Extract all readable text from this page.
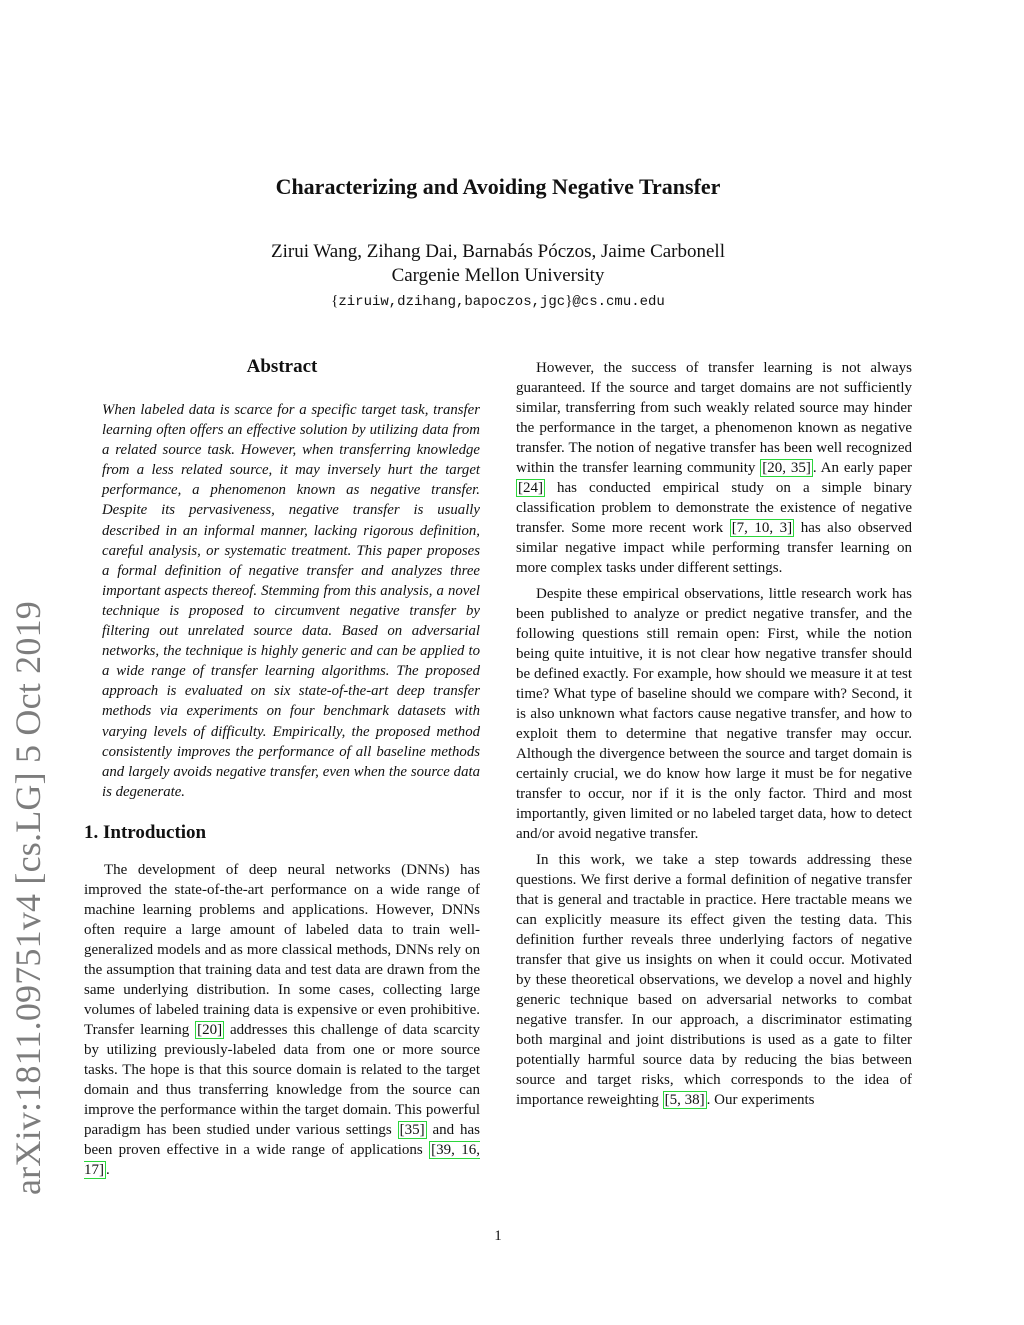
arXiv:1811.09751v4 [cs.LG] 5 Oct 2019
Characterizing and Avoiding Negative Transfer
Zirui Wang, Zihang Dai, Barnabás Póczos, Jaime Carbonell
Cargenie Mellon University
{ziruiw,dzihang,bapoczos,jgc}@cs.cmu.edu
Abstract

When labeled data is scarce for a specific target task, transfer learning often offers an effective solution by utilizing data from a related source task. However, when transferring knowledge from a less related source, it may inversely hurt the target performance, a phenomenon known as negative transfer. Despite its pervasiveness, negative transfer is usually described in an informal manner, lacking rigorous definition, careful analysis, or systematic treatment. This paper proposes a formal definition of negative transfer and analyzes three important aspects thereof. Stemming from this analysis, a novel technique is proposed to circumvent negative transfer by filtering out unrelated source data. Based on adversarial networks, the technique is highly generic and can be applied to a wide range of transfer learning algorithms. The proposed approach is evaluated on six state-of-the-art deep transfer methods via experiments on four benchmark datasets with varying levels of difficulty. Empirically, the proposed method consistently improves the performance of all baseline methods and largely avoids negative transfer, even when the source data is degenerate.

1. Introduction

The development of deep neural networks (DNNs) has improved the state-of-the-art performance on a wide range of machine learning problems and applications. However, DNNs often require a large amount of labeled data to train well-generalized models and as more classical methods, DNNs rely on the assumption that training data and test data are drawn from the same underlying distribution. In some cases, collecting large volumes of labeled training data is expensive or even prohibitive. Transfer learning [20] addresses this challenge of data scarcity by utilizing previously-labeled data from one or more source tasks. The hope is that this source domain is related to the target domain and thus transferring knowledge from the source can improve the performance within the target domain. This powerful paradigm has been studied under various settings [35] and has been proven effective in a wide range of applications [39, 16, 17] .

However, the success of transfer learning is not always guaranteed. If the source and target domains are not sufficiently similar, transferring from such weakly related source may hinder the performance in the target, a phenomenon known as negative transfer. The notion of negative transfer has been well recognized within the transfer learning community [20, 35] . An early paper [24] has conducted empirical study on a simple binary classification problem to demonstrate the existence of negative transfer. Some more recent work [7, 10, 3] has also observed similar negative impact while performing transfer learning on more complex tasks under different settings.

Despite these empirical observations, little research work has been published to analyze or predict negative transfer, and the following questions still remain open: First, while the notion being quite intuitive, it is not clear how negative transfer should be defined exactly. For example, how should we measure it at test time? What type of baseline should we compare with? Second, it is also unknown what factors cause negative transfer, and how to exploit them to determine that negative transfer may occur. Although the divergence between the source and target domain is certainly crucial, we do know how large it must be for negative transfer to occur, nor if it is the only factor. Third and most importantly, given limited or no labeled target data, how to detect and/or avoid negative transfer.

In this work, we take a step towards addressing these questions. We first derive a formal definition of negative transfer that is general and tractable in practice. Here tractable means we can explicitly measure its effect given the testing data. This definition further reveals three underlying factors of negative transfer that give us insights on when it could occur. Motivated by these theoretical observations, we develop a novel and highly generic technique based on adversarial networks to combat negative transfer. In our approach, a discriminator estimating both marginal and joint distributions is used as a gate to filter potentially harmful source data by reducing the bias between source and target risks, which corresponds to the idea of importance reweighting [5, 38] . Our experiments

1
